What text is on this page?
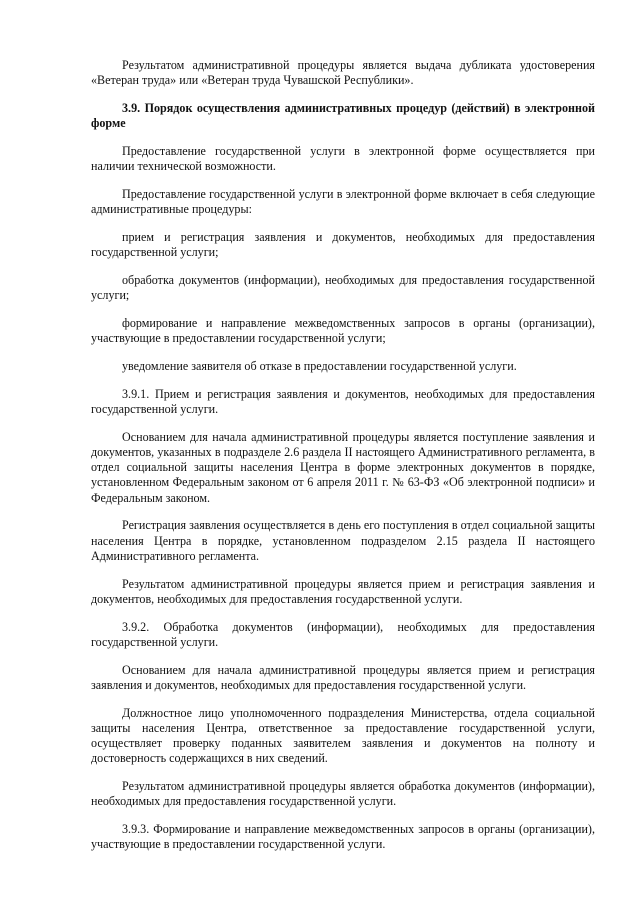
Результатом административной процедуры является выдача дубликата удостоверения «Ветеран труда» или «Ветеран труда Чувашской Республики».

3.9. Порядок осуществления административных процедур (действий) в электронной форме

Предоставление государственной услуги в электронной форме осуществляется при наличии технической возможности.

Предоставление государственной услуги в электронной форме включает в себя следующие административные процедуры:

прием и регистрация заявления и документов, необходимых для предоставления государственной услуги;

обработка документов (информации), необходимых для предоставления государственной услуги;

формирование и направление межведомственных запросов в органы (организации), участвующие в предоставлении государственной услуги;

уведомление заявителя об отказе в предоставлении государственной услуги.

3.9.1. Прием и регистрация заявления и документов, необходимых для предоставления государственной услуги.

Основанием для начала административной процедуры является поступление заявления и документов, указанных в подразделе 2.6 раздела II настоящего Административного регламента, в отдел социальной защиты населения Центра в форме электронных документов в порядке, установленном Федеральным законом от 6 апреля 2011 г. № 63-ФЗ «Об электронной подписи» и Федеральным законом.

Регистрация заявления осуществляется в день его поступления в отдел социальной защиты населения Центра в порядке, установленном подразделом 2.15 раздела II настоящего Административного регламента.

Результатом административной процедуры является прием и регистрация заявления и документов, необходимых для предоставления государственной услуги.

3.9.2. Обработка документов (информации), необходимых для предоставления государственной услуги.

Основанием для начала административной процедуры является прием и регистрация заявления и документов, необходимых для предоставления государственной услуги.

Должностное лицо уполномоченного подразделения Министерства, отдела социальной защиты населения Центра, ответственное за предоставление государственной услуги, осуществляет проверку поданных заявителем заявления и документов на полноту и достоверность содержащихся в них сведений.

Результатом административной процедуры является обработка документов (информации), необходимых для предоставления государственной услуги.

3.9.3. Формирование и направление межведомственных запросов в органы (организации), участвующие в предоставлении государственной услуги.
